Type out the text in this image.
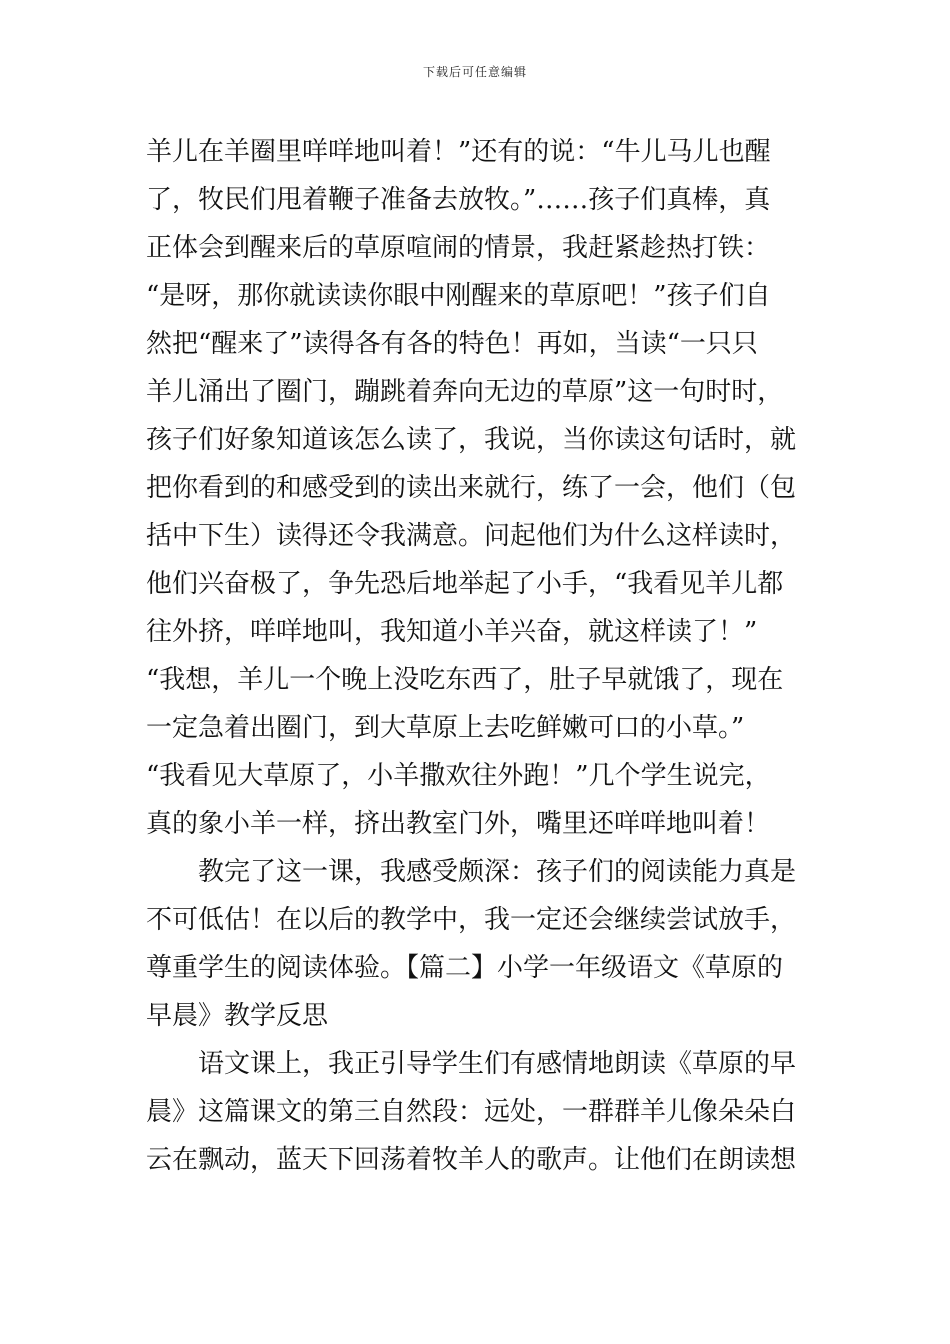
下载后可任意编辑
羊儿在羊圈里咩咩地叫着！”还有的说：“牛儿马儿也醒
了，牧民们甩着鞭子准备去放牧。”……孩子们真棒，真
正体会到醒来后的草原喧闹的情景，我赶紧趁热打铁：
“是呀，那你就读读你眼中刚醒来的草原吧！”孩子们自
然把“醒来了”读得各有各的特色！再如，当读“一只只
羊儿涌出了圈门，蹦跳着奔向无边的草原”这一句时时，
孩子们好象知道该怎么读了，我说，当你读这句话时，就
把你看到的和感受到的读出来就行，练了一会，他们（包
括中下生）读得还令我满意。问起他们为什么这样读时，
他们兴奋极了，争先恐后地举起了小手，“我看见羊儿都
往外挤，咩咩地叫，我知道小羊兴奋，就这样读了！”
“我想，羊儿一个晚上没吃东西了，肚子早就饿了，现在
一定急着出圈门，到大草原上去吃鲜嫩可口的小草。”
“我看见大草原了，小羊撒欢往外跑！”几个学生说完，
真的象小羊一样，挤出教室门外，嘴里还咩咩地叫着！
教完了这一课，我感受颇深：孩子们的阅读能力真是
不可低估！在以后的教学中，我一定还会继续尝试放手，
尊重学生的阅读体验。【篇二】小学一年级语文《草原的
早晨》教学反思
语文课上，我正引导学生们有感情地朗读《草原的早
晨》这篇课文的第三自然段：远处，一群群羊儿像朵朵白
云在飘动，蓝天下回荡着牧羊人的歌声。让他们在朗读想
